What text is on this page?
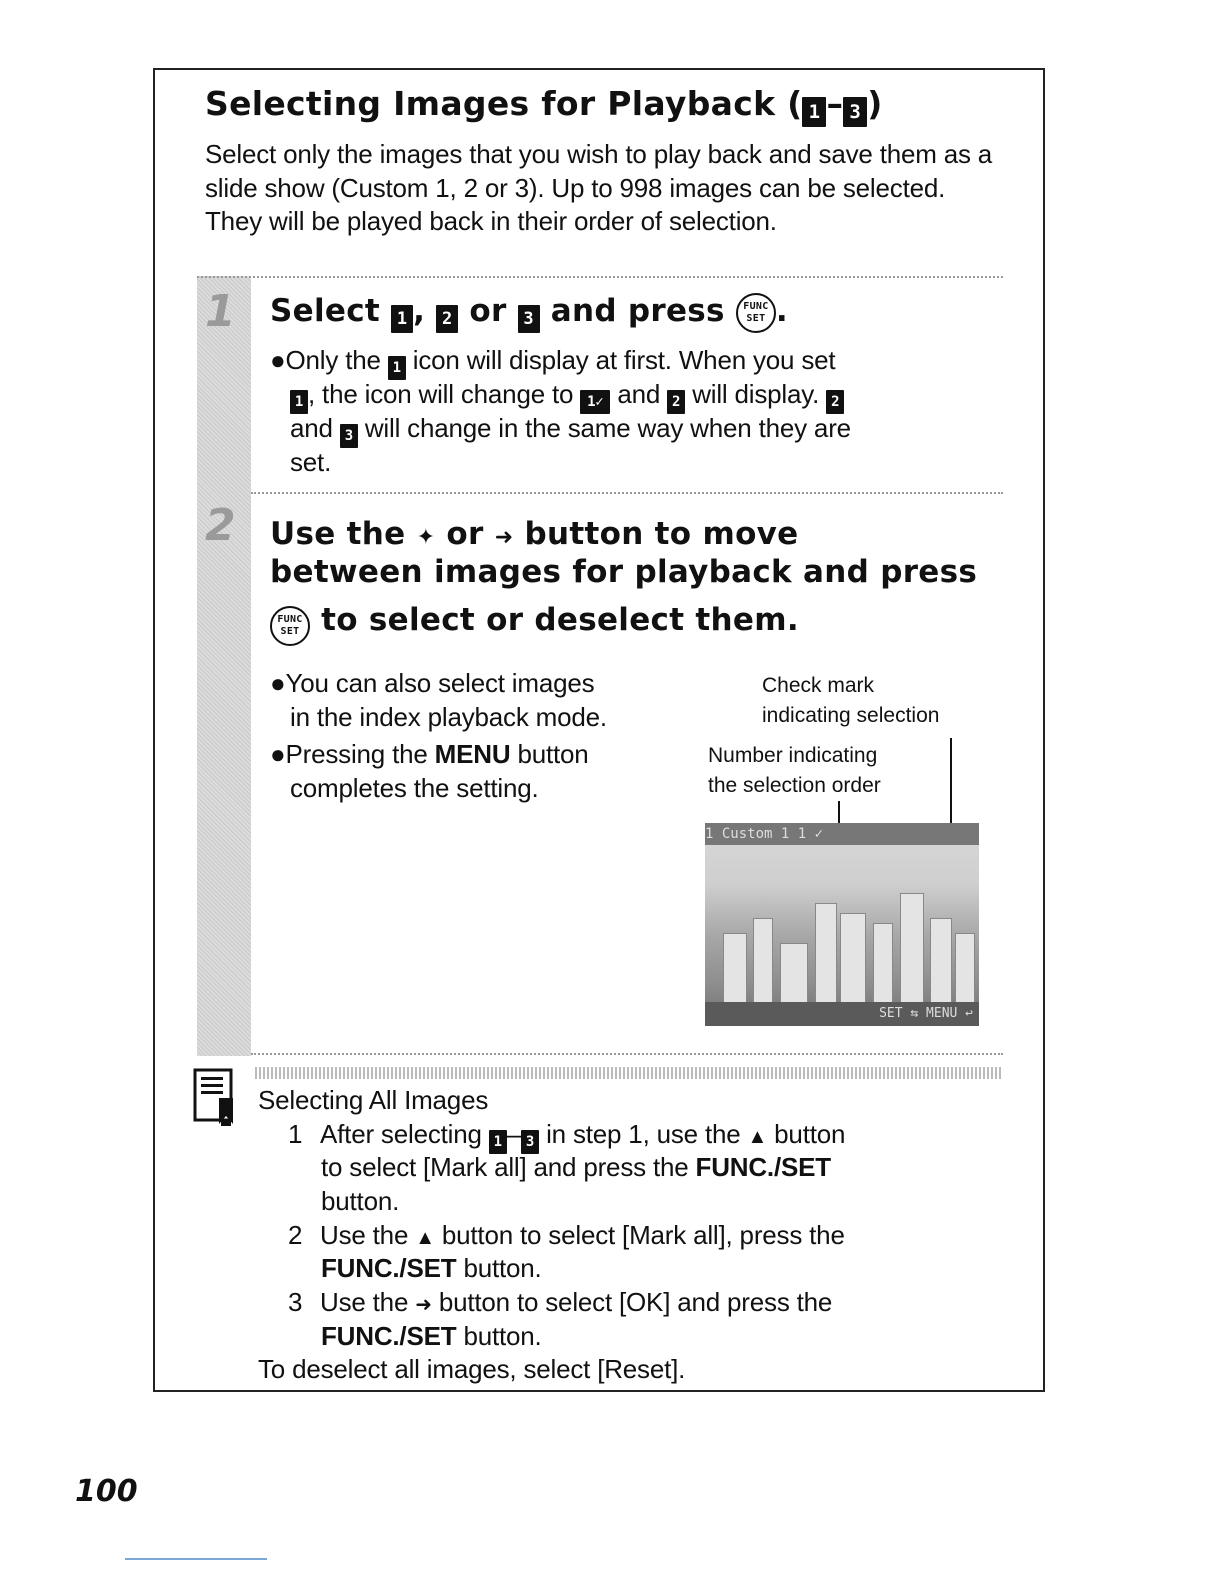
Selecting Images for Playback ( 1 – 3 )

Select only the images that you wish to play back and save them as a slide show (Custom 1, 2 or 3). Up to 998 images can be selected. They will be played back in their order of selection.

1 Select 1 , 2 or 3 and press	FUNC
SET .

●Only the 1 icon will display at first. When you set

1 , the icon will change to 1✓ and 2 will display. 2

and 3 will change in the same way when they are

set.

2 Use the ✦ or ➜ button to move
between images for playback and press
FUNC
SET to select or deselect them.

●You can also select images

in the index playback mode.

●Pressing the MENU button

completes the setting.

Check mark

indicating selection

Number indicating

the selection order

1 Custom 1 1 ✓
SET ⇆ MENU ↩

Selecting All Images

1 After selecting 1 – 3 in step 1, use the ▲ button

to select [Mark all] and press the FUNC./SET

button.

2 Use the ▲ button to select [Mark all], press the

FUNC./SET button.

3 Use the ➜ button to select [OK] and press the

FUNC./SET button.

To deselect all images, select [Reset].

100
